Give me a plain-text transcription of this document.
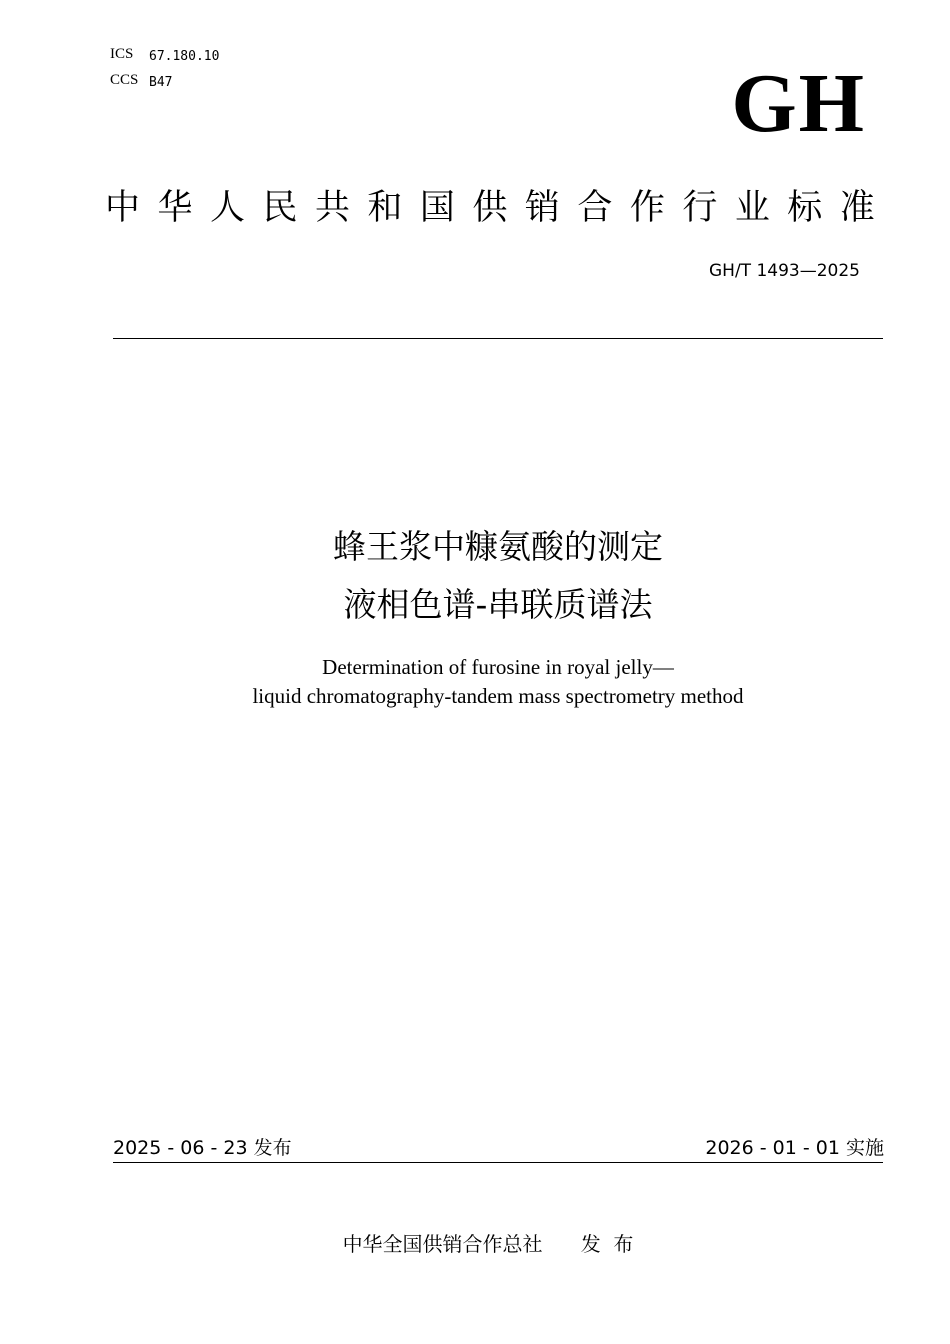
ICS 67.180.10
CCS B47	GH
中 华 人 民 共 和 国 供 销 合 作 行 业 标 准
GH/T 1493—2025
蜂王浆中糠氨酸的测定
液相色谱-串联质谱法
Determination of furosine in royal jelly—
liquid chromatography-tandem mass spectrometry method
2025 - 06 - 23 发布	2026 - 01 - 01 实施
中华全国供销合作总社      发  布
